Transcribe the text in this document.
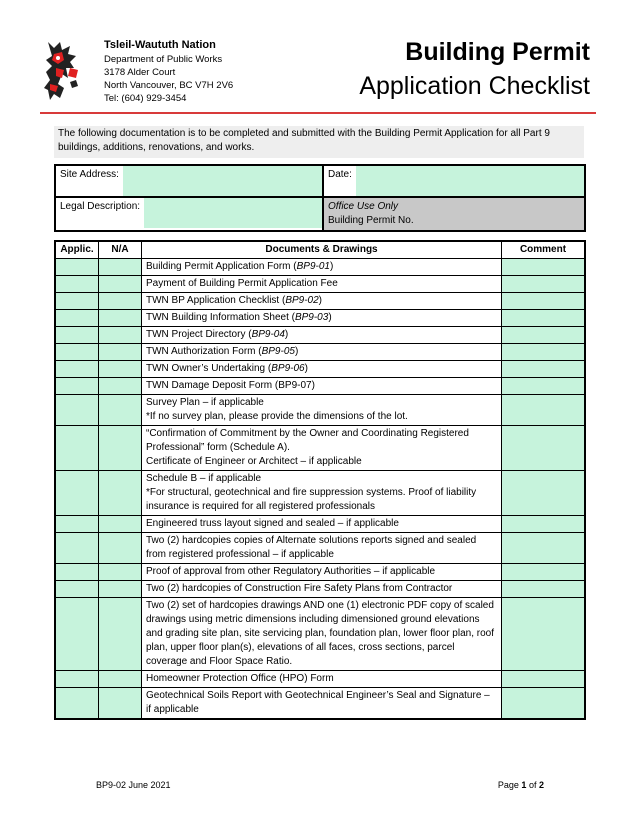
Tsleil-Waututh Nation
Department of Public Works
3178 Alder Court
North Vancouver, BC V7H 2V6
Tel: (604) 929-3454
Building Permit
Application Checklist
The following documentation is to be completed and submitted with the Building Permit Application for all Part 9 buildings, additions, renovations, and works.
Site Address:	Date:

Legal Description:	Office Use Only
Building Permit No.
Applic.	N/A	Documents & Drawings	Comment

		Building Permit Application Form (BP9-01)	

		Payment of Building Permit Application Fee	

		TWN BP Application Checklist (BP9-02)	

		TWN Building Information Sheet (BP9-03)	

		TWN Project Directory (BP9-04)	

		TWN Authorization Form (BP9-05)	

		TWN Owner’s Undertaking (BP9-06)	

		TWN Damage Deposit Form (BP9-07)	

		Survey Plan – if applicable
*If no survey plan, please provide the dimensions of the lot.	

		“Confirmation of Commitment by the Owner and Coordinating Registered Professional” form (Schedule A).
Certificate of Engineer or Architect – if applicable	

		Schedule B – if applicable
*For structural, geotechnical and fire suppression systems. Proof of liability insurance is required for all registered professionals	

		Engineered truss layout signed and sealed – if applicable	

		Two (2) hardcopies copies of Alternate solutions reports signed and sealed from registered professional – if applicable	

		Proof of approval from other Regulatory Authorities – if applicable	

		Two (2) hardcopies of Construction Fire Safety Plans from Contractor	

		Two (2) set of hardcopies drawings AND one (1) electronic PDF copy of scaled drawings using metric dimensions including dimensioned ground elevations and grading site plan, site servicing plan, foundation plan, lower floor plan, roof plan, upper floor plan(s), elevations of all faces, cross sections, parcel coverage and Floor Space Ratio.	

		Homeowner Protection Office (HPO) Form	

		Geotechnical Soils Report with Geotechnical Engineer’s Seal and Signature – if applicable	

BP9-02 June 2021	Page 1 of 2
